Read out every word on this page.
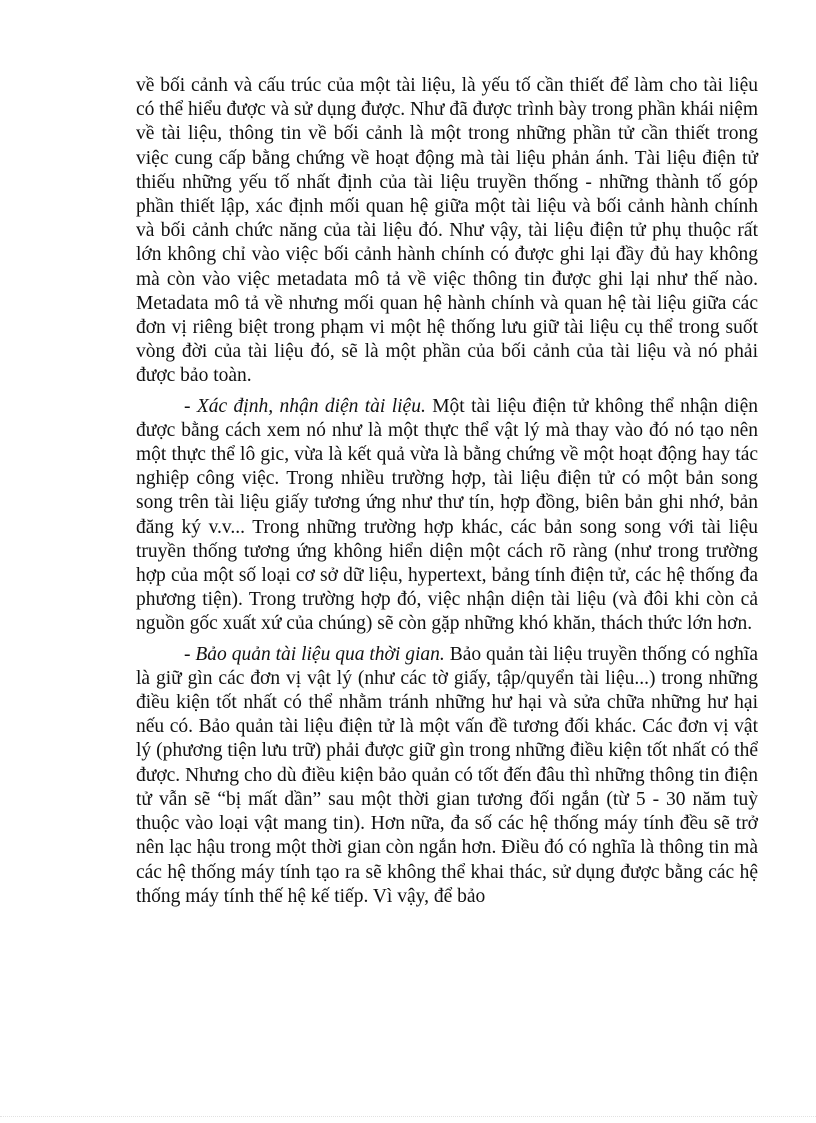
về bối cảnh và cấu trúc của một tài liệu, là yếu tố cần thiết để làm cho tài liệu có thể hiểu được và sử dụng được. Như đã được trình bày trong phần khái niệm về tài liệu, thông tin về bối cảnh là một trong những phần tử cần thiết trong việc cung cấp bằng chứng về hoạt động mà tài liệu phản ánh. Tài liệu điện tử thiếu những yếu tố nhất định của tài liệu truyền thống - những thành tố góp phần thiết lập, xác định mối quan hệ giữa một tài liệu và bối cảnh hành chính và bối cảnh chức năng của tài liệu đó. Như vậy, tài liệu điện tử phụ thuộc rất lớn không chỉ vào việc bối cảnh hành chính có được ghi lại đầy đủ hay không mà còn vào việc metadata mô tả về việc thông tin được ghi lại như thế nào. Metadata mô tả về nhưng mối quan hệ hành chính và quan hệ tài liệu giữa các đơn vị riêng biệt trong phạm vi một hệ thống lưu giữ tài liệu cụ thể trong suốt vòng đời của tài liệu đó, sẽ là một phần của bối cảnh của tài liệu và nó phải được bảo toàn.

- Xác định, nhận diện tài liệu. Một tài liệu điện tử không thể nhận diện được bằng cách xem nó như là một thực thể vật lý mà thay vào đó nó tạo nên một thực thể lô gic, vừa là kết quả vừa là bằng chứng về một hoạt động hay tác nghiệp công việc. Trong nhiều trường hợp, tài liệu điện tử có một bản song song trên tài liệu giấy tương ứng như thư tín, hợp đồng, biên bản ghi nhớ, bản đăng ký v.v... Trong những trường hợp khác, các bản song song với tài liệu truyền thống tương ứng không hiển diện một cách rõ ràng (như trong trường hợp của một số loại cơ sở dữ liệu, hypertext, bảng tính điện tử, các hệ thống đa phương tiện). Trong trường hợp đó, việc nhận diện tài liệu (và đôi khi còn cả nguồn gốc xuất xứ của chúng) sẽ còn gặp những khó khăn, thách thức lớn hơn.

- Bảo quản tài liệu qua thời gian. Bảo quản tài liệu truyền thống có nghĩa là giữ gìn các đơn vị vật lý (như các tờ giấy, tập/quyển tài liệu...) trong những điều kiện tốt nhất có thể nhằm tránh những hư hại và sửa chữa những hư hại nếu có. Bảo quản tài liệu điện tử là một vấn đề tương đối khác. Các đơn vị vật lý (phương tiện lưu trữ) phải được giữ gìn trong những điều kiện tốt nhất có thể được. Nhưng cho dù điều kiện bảo quản có tốt đến đâu thì những thông tin điện tử vẫn sẽ “bị mất dần” sau một thời gian tương đối ngắn (từ 5 - 30 năm tuỳ thuộc vào loại vật mang tin). Hơn nữa, đa số các hệ thống máy tính đều sẽ trở nên lạc hậu trong một thời gian còn ngắn hơn. Điều đó có nghĩa là thông tin mà các hệ thống máy tính tạo ra sẽ không thể khai thác, sử dụng được bằng các hệ thống máy tính thế hệ kế tiếp. Vì vậy, để bảo
